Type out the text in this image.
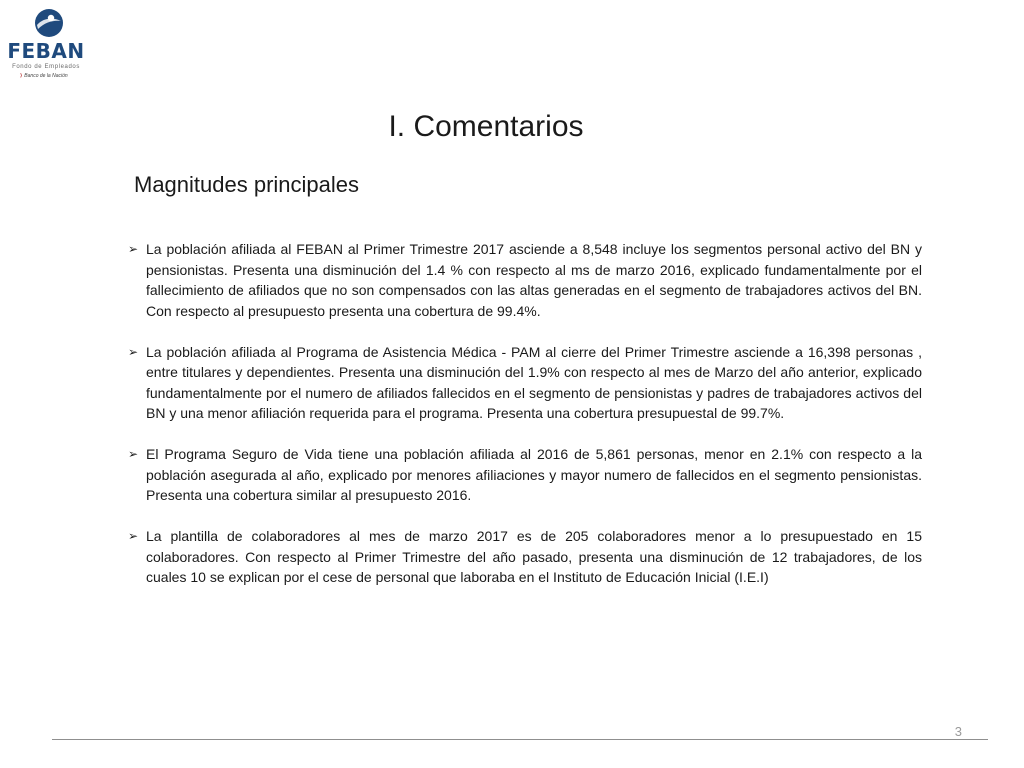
FEBAN
Fondo de Empleados
⟩ Banco de la Nación
I. Comentarios
Magnitudes principales
➢ La población afiliada al FEBAN al Primer Trimestre 2017 asciende a 8,548 incluye los segmentos personal activo del BN y pensionistas. Presenta una disminución del 1.4 % con respecto al ms de marzo 2016, explicado fundamentalmente por el fallecimiento de afiliados que no son compensados con las altas generadas en el segmento de trabajadores activos del BN. Con respecto al presupuesto presenta una cobertura de 99.4%.
➢ La población afiliada al Programa de Asistencia Médica - PAM al cierre del Primer Trimestre asciende a 16,398 personas , entre titulares y dependientes. Presenta una disminución del 1.9% con respecto al mes de Marzo del año anterior, explicado fundamentalmente por el numero de afiliados fallecidos en el segmento de pensionistas y padres de trabajadores activos del BN y una menor afiliación requerida para el programa. Presenta una cobertura presupuestal de 99.7%.
➢ El Programa Seguro de Vida tiene una población afiliada al 2016 de 5,861 personas, menor en 2.1% con respecto a la población asegurada al año, explicado por menores afiliaciones y mayor numero de fallecidos en el segmento pensionistas. Presenta una cobertura similar al presupuesto 2016.
➢ La plantilla de colaboradores al mes de marzo 2017 es de 205 colaboradores menor a lo presupuestado en 15 colaboradores. Con respecto al Primer Trimestre del año pasado, presenta una disminución de 12 trabajadores, de los cuales 10 se explican por el cese de personal que laboraba en el Instituto de Educación Inicial (I.E.I)
3
